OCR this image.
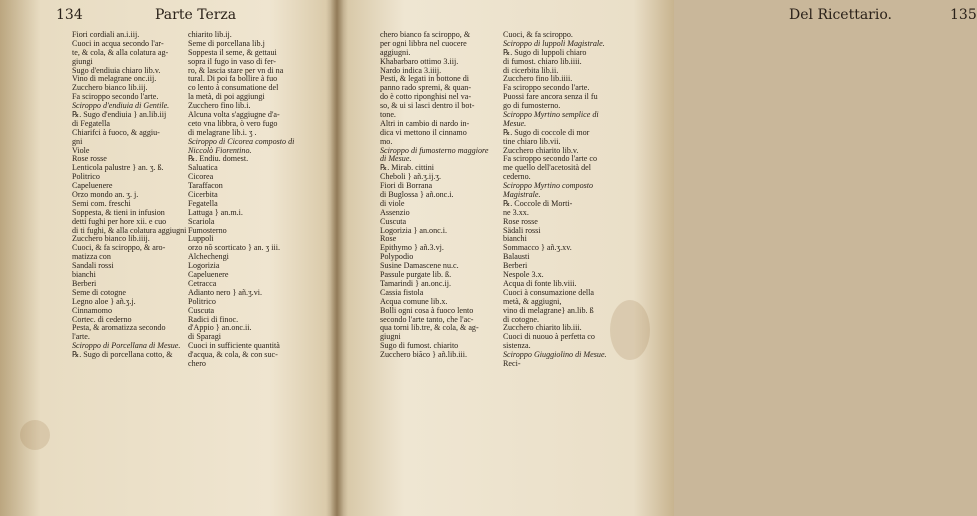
134	Parte Terza	Del Ricettario.	135
Fiori cordiali an.i.iij.
Cuoci in acqua secondo l'ar-
te, & cola, & alla colatura ag-
giungi
Sugo d'endiuia chiaro lib.v.
Vino di melagrane onc.iij.
Zucchero bianco lib.iij.
Fa sciroppo secondo l'arte.
Sciroppo d'endiuia di Gentile.
℞. Sugo d'endiuia } an.lib.iij
di Fegatella
Chiarifci à fuoco, & aggiu-
gni
Viole
Rose rosse
Lenticola palustre } an. ʒ. ß.
Politrico
Capeluenere
Orzo mondo an. ʒ. j.
Semi com. freschi
Soppesta, & tieni in infusion
detti fughi per hore xii. e cuo
di ti fughi, & alla colatura aggiugni
Zucchero bianco lib.iiij.
Cuoci, & fa sciroppo, & aro-
matizza con
Sandali rossi
bianchi
Berberi
Seme di cotogne
Legno aloe } añ.ʒ.j.
Cinnamomo
Cortec. di cederno
Pesta, & aromatizza secondo
l'arte.
Sciroppo di Porcellana di Mesue.
℞. Sugo di porcellana cotto, &
chiarito lib.ij.
Seme di porcellana lib.j
Soppesta il seme, & gettaui
sopra il fugo in vaso di fer-
ro, & lascia stare per vn di na
tural. Di poi fa bollire à fuo
co lento à consumatione del
la metà, di poi aggiungi
Zucchero fino lib.i.
Alcuna volta s'aggiugne d'a-
ceto vna libbra, ò vero fugo
di melagrane lib.i. ʒ .
Sciroppo di Cicorea composto di
Niccolò Fiorentino.
℞. Endiu. domest.
Saluatica
Cicorea
Taraffacon
Cicerbita
Fegatella
Lattuga } an.m.i.
Scariola
Fumosterno
Luppoli
orzo nõ scorticato } an. ʒ iii.
Alchechengi
Logorizia
Capeluenere
Cetracca
Adianto nero } añ.ʒ.vi.
Politrico
Cuscuta
Radici di finoc.
d'Appio } an.onc.ii.
di Sparagi
Cuoci in sufficiente quantità
d'acqua, & cola, & con suc-
chero
chero bianco fa sciroppo, &
per ogni libbra nel cuocere
aggiugni.
Khabarbaro ottimo 3.iij.
Nardo indica 3.iiij.
Pesti, & legati in bottone di
panno rado spremi, & quan-
do è cotto riponghisi nel va-
so, & ui si lasci dentro il bot-
tone.
Altri in cambio di nardo in-
dica vi mettono il cinnamo
mo.
Sciroppo di fumosterno maggiore
di Mesue.
℞. Mirab. cittini
Cheboli } añ.ʒ.ij.ʒ.
Fiori di Borrana
di Buglossa } añ.onc.i.
di viole
Assenzio
Cuscuta
Logorizia } an.onc.i.
Rose
Epithymo } añ.3.vj.
Polypodio
Susine Damascene nu.c.
Passule purgate lib. ß.
Tamarindi } an.onc.ij.
Cassia fistola
Acqua comune lib.x.
Bolli ogni cosa à fuoco lento
secondo l'arte tanto, che l'ac-
qua torni lib.tre, & cola, & ag-
giugni
Sugo di fumost. chiarito
Zucchero biãco } añ.lib.iii.
Cuoci, & fa sciroppo.
Sciroppo di luppoli Magistrale.
℞. Sugo di luppoli chiaro
di fumost. chiaro lib.iiii.
di cicerbita lib.ii.
Zucchero fino lib.iiii.
Fa sciroppo secondo l'arte.
Puossi fare ancora senza il fu
go di fumosterno.
Sciroppo Myrtino semplice di
Mesue.
℞. Sugo di coccole di mor
tine chiaro lib.vii.
Zucchero chiarito lib.v.
Fa sciroppo secondo l'arte co
me quello dell'acetosità del
cederno.
Sciroppo Myrtino composto
Magistrale.
℞. Coccole di Morti-
ne 3.xx.
Rose rosse
Sädali rossi
bianchi
Sommacco } añ.ʒ.xv.
Balausti
Berberi
Nespole 3.x.
Acqua di fonte lib.viii.
Cuoci à consumazione della
metà, & aggiugni,
vino di melagrane} an.lib. ß
di cotogne.
Zucchero chiarito lib.iii.
Cuoci di nuouo à perfetta co
sistenza.
Sciroppo Giuggiolino di Mesue.
Reci-
